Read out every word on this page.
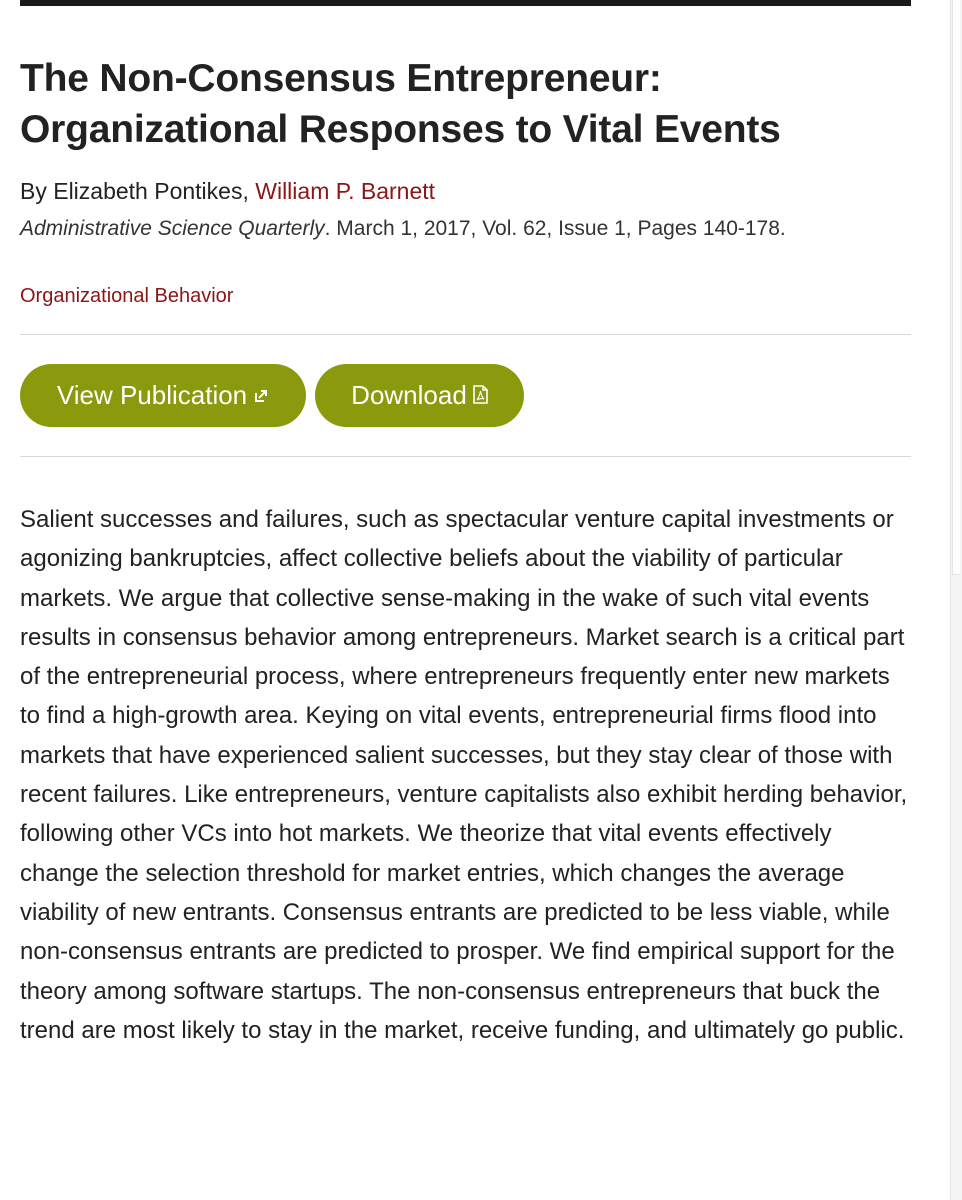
The Non-Consensus Entrepreneur: Organizational Responses to Vital Events
By Elizabeth Pontikes, William P. Barnett
Administrative Science Quarterly. March 1, 2017, Vol. 62, Issue 1, Pages 140-178.
Organizational Behavior
View Publication	Download

Salient successes and failures, such as spectacular venture capital investments or agonizing bankruptcies, affect collective beliefs about the viability of particular markets. We argue that collective sense-making in the wake of such vital events results in consensus behavior among entrepreneurs. Market search is a critical part of the entrepreneurial process, where entrepreneurs frequently enter new markets to find a high-growth area. Keying on vital events, entrepreneurial firms flood into markets that have experienced salient successes, but they stay clear of those with recent failures. Like entrepreneurs, venture capitalists also exhibit herding behavior, following other VCs into hot markets. We theorize that vital events effectively change the selection threshold for market entries, which changes the average viability of new entrants. Consensus entrants are predicted to be less viable, while non-consensus entrants are predicted to prosper. We find empirical support for the theory among software startups. The non-consensus entrepreneurs that buck the trend are most likely to stay in the market, receive funding, and ultimately go public.
